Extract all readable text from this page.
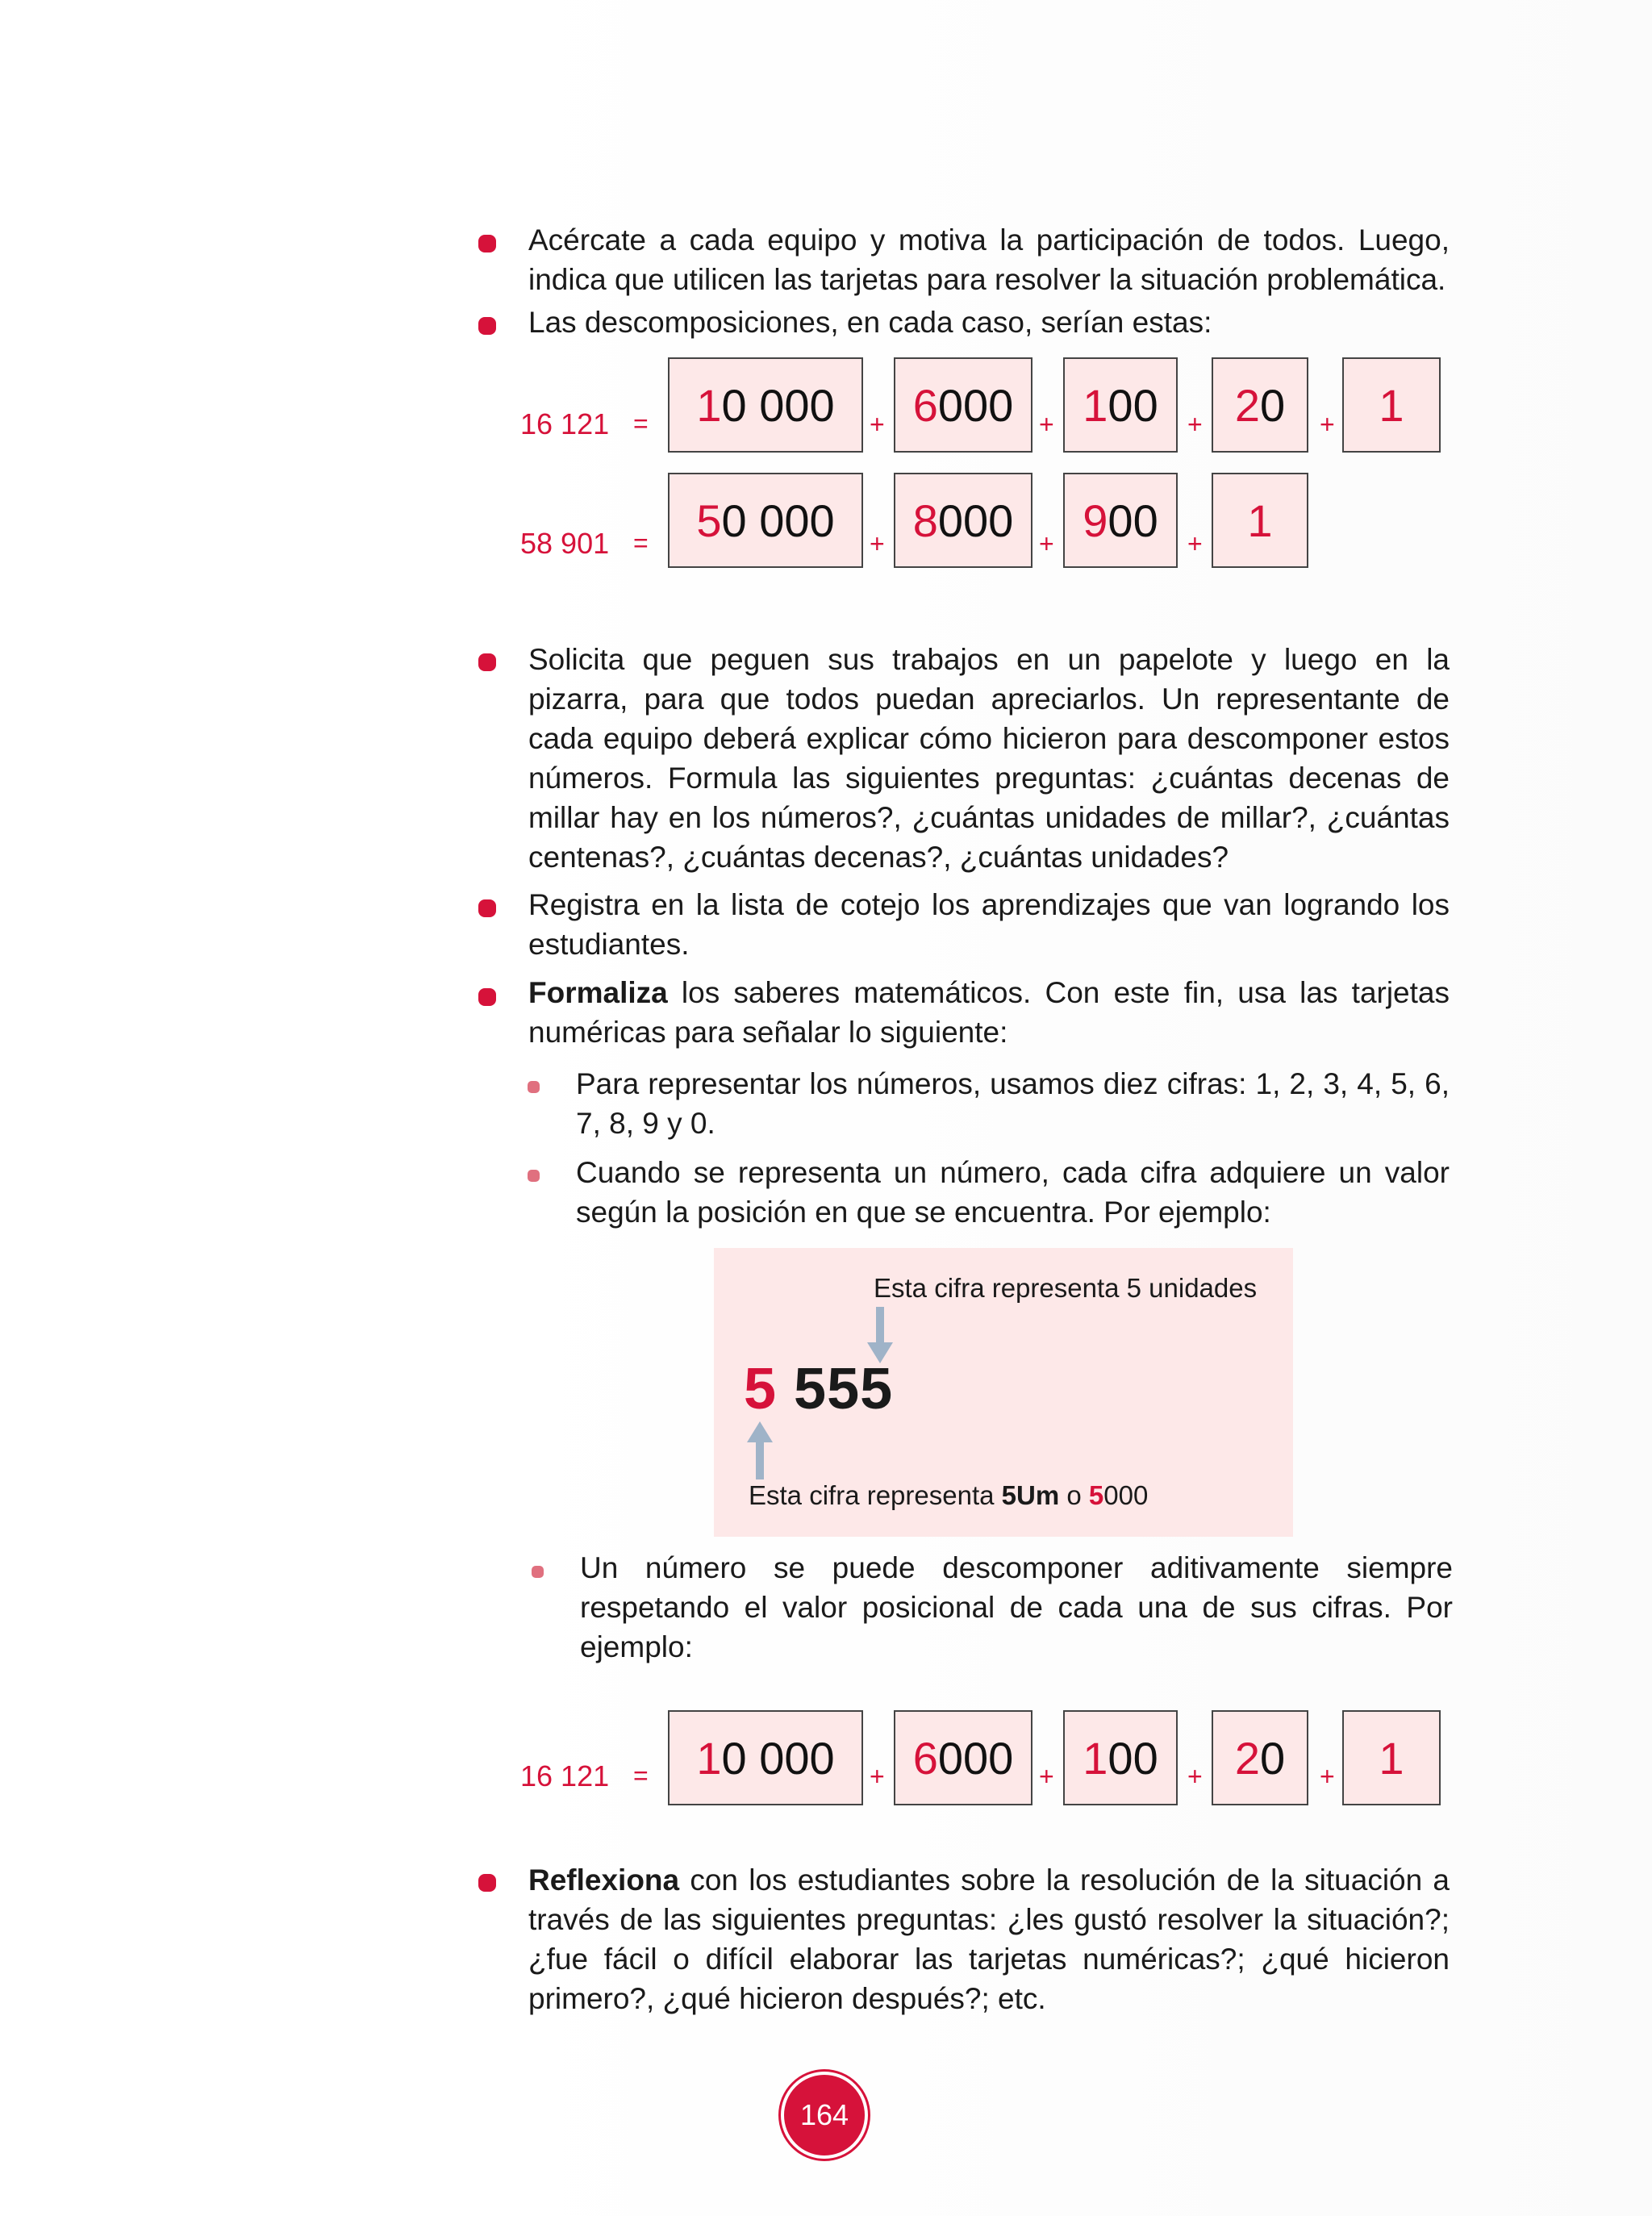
Acércate a cada equipo y motiva la participación de todos. Luego, indica que utilicen las tarjetas para resolver la situación problemática.
Las descomposiciones, en cada caso, serían estas:
16 121 = 1 0 000 + 6 000 + 1 00 + 2 0 + 1
58 901 = 5 0 000 + 8 000 + 9 00 + 1
Solicita que peguen sus trabajos en un papelote y luego en la pizarra, para que todos puedan apreciarlos. Un representante de cada equipo deberá explicar cómo hicieron para descomponer estos números. Formula las siguientes preguntas: ¿cuántas decenas de millar hay en los números?, ¿cuántas unidades de millar?, ¿cuántas centenas?, ¿cuántas decenas?, ¿cuántas unidades?
Registra en la lista de cotejo los aprendizajes que van logrando los estudiantes.
Formaliza los saberes matemáticos. Con este fin, usa las tarjetas numéricas para señalar lo siguiente:
Para representar los números, usamos diez cifras: 1, 2, 3, 4, 5, 6, 7, 8, 9 y 0.
Cuando se representa un número, cada cifra adquiere un valor según la posición en que se encuentra. Por ejemplo:
Esta cifra representa 5 unidades
5 555
Esta cifra representa 5Um o 5000
Un número se puede descomponer aditivamente siempre respetando el valor posicional de cada una de sus cifras. Por ejemplo:
16 121 = 1 0 000 + 6 000 + 1 00 + 2 0 + 1
Reflexiona con los estudiantes sobre la resolución de la situación a través de las siguientes preguntas: ¿les gustó resolver la situación?; ¿fue fácil o difícil elaborar las tarjetas numéricas?; ¿qué hicieron primero?, ¿qué hicieron después?; etc.
164
